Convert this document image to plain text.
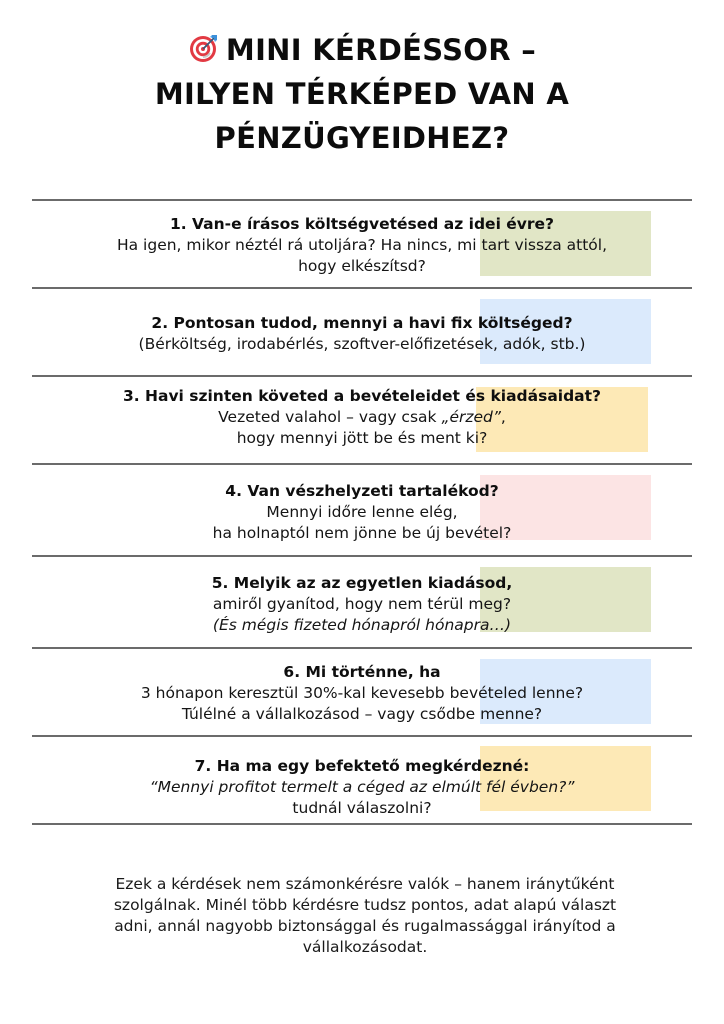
MINI KÉRDÉSSOR –
MILYEN TÉRKÉPED VAN A
PÉNZÜGYEIDHEZ?
1. Van-e írásos költségvetésed az idei évre?
Ha igen, mikor néztél rá utoljára? Ha nincs, mi tart vissza attól,
hogy elkészítsd?
2. Pontosan tudod, mennyi a havi fix költséged?
(Bérköltség, irodabérlés, szoftver-előfizetések, adók, stb.)
3. Havi szinten követed a bevételeidet és kiadásaidat?
Vezeted valahol – vagy csak „érzed”,
hogy mennyi jött be és ment ki?
4. Van vészhelyzeti tartalékod?
Mennyi időre lenne elég,
ha holnaptól nem jönne be új bevétel?
5. Melyik az az egyetlen kiadásod,
amiről gyanítod, hogy nem térül meg?
(És mégis fizeted hónapról hónapra…)
6. Mi történne, ha
3 hónapon keresztül 30%-kal kevesebb bevételed lenne?
Túlélné a vállalkozásod – vagy csődbe menne?
7. Ha ma egy befektető megkérdezné:
“Mennyi profitot termelt a céged az elmúlt fél évben?”
tudnál válaszolni?
Ezek a kérdések nem számonkérésre valók – hanem iránytűként
szolgálnak. Minél több kérdésre tudsz pontos, adat alapú választ
adni, annál nagyobb biztonsággal és rugalmassággal irányítod a
vállalkozásodat.
